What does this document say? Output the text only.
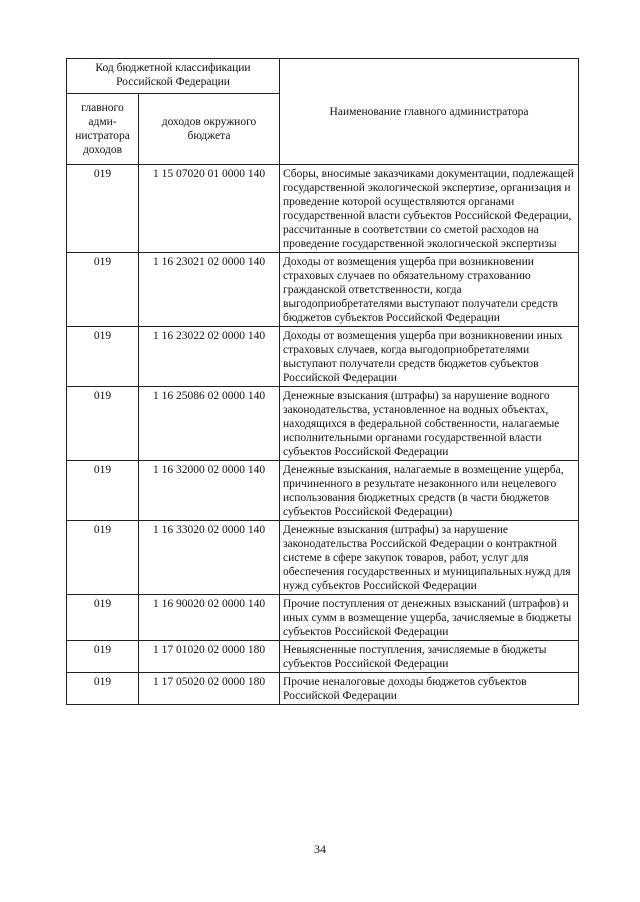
Код бюджетной классификации Российской Федерации		Наименование главного администратора
главного адми-нистратора доходов	доходов окружного бюджета	
019	1 15 07020 01 0000 140	Сборы, вносимые заказчиками документации, подлежащей государственной экологической экспертизе, организация и проведение которой осуществляются органами государственной власти субъектов Российской Федерации, рассчитанные в соответствии со сметой расходов на проведение государственной экологической экспертизы
019	1 16 23021 02 0000 140	Доходы от возмещения ущерба при возникновении страховых случаев по обязательному страхованию гражданской ответственности, когда выгодоприобретателями выступают получатели средств бюджетов субъектов Российской Федерации
019	1 16 23022 02 0000 140	Доходы от возмещения ущерба при возникновении иных страховых случаев, когда выгодоприобретателями выступают получатели средств бюджетов субъектов Российской Федерации
019	1 16 25086 02 0000 140	Денежные взыскания (штрафы) за нарушение водного законодательства, установленное на водных объектах, находящихся в федеральной собственности, налагаемые исполнительными органами государственной власти субъектов Российской Федерации
019	1 16 32000 02 0000 140	Денежные взыскания, налагаемые в возмещение ущерба, причиненного в результате незаконного или нецелевого использования бюджетных средств (в части бюджетов субъектов Российской Федерации)
019	1 16 33020 02 0000 140	Денежные взыскания (штрафы) за нарушение законодательства Российской Федерации о контрактной системе в сфере закупок товаров, работ, услуг для обеспечения государственных и муниципальных нужд для нужд субъектов Российской Федерации
019	1 16 90020 02 0000 140	Прочие поступления от денежных взысканий (штрафов) и иных сумм в возмещение ущерба, зачисляемые в бюджеты субъектов Российской Федерации
019	1 17 01020 02 0000 180	Невыясненные поступления, зачисляемые в бюджеты субъектов Российской Федерации
019	1 17 05020 02 0000 180	Прочие неналоговые доходы бюджетов субъектов Российской Федерации
34
